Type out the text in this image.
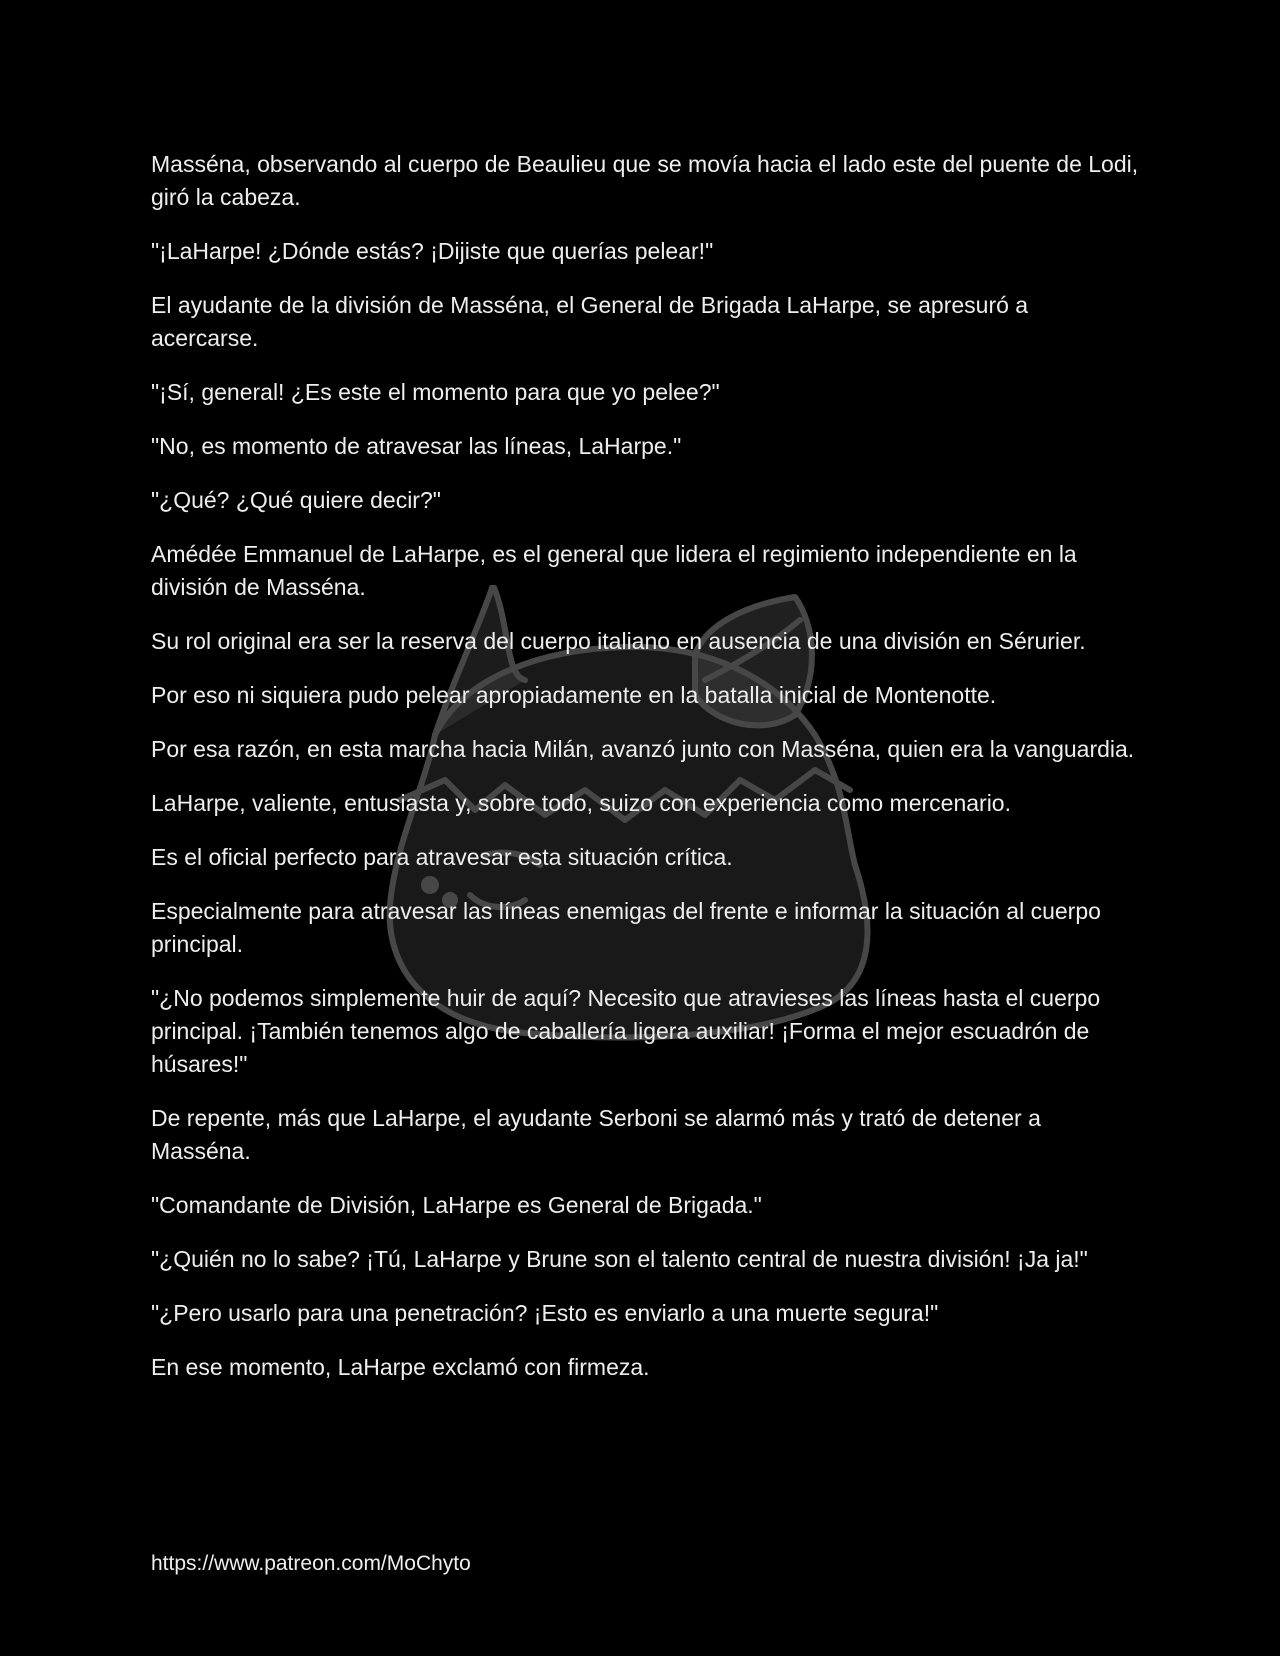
Masséna, observando al cuerpo de Beaulieu que se movía hacia el lado este del puente de Lodi, giró la cabeza.

"¡LaHarpe! ¿Dónde estás? ¡Dijiste que querías pelear!"

El ayudante de la división de Masséna, el General de Brigada LaHarpe, se apresuró a acercarse.

"¡Sí, general! ¿Es este el momento para que yo pelee?"

"No, es momento de atravesar las líneas, LaHarpe."

"¿Qué? ¿Qué quiere decir?"

Amédée Emmanuel de LaHarpe, es el general que lidera el regimiento independiente en la división de Masséna.

Su rol original era ser la reserva del cuerpo italiano en ausencia de una división en Sérurier.

Por eso ni siquiera pudo pelear apropiadamente en la batalla inicial de Montenotte.

Por esa razón, en esta marcha hacia Milán, avanzó junto con Masséna, quien era la vanguardia.

LaHarpe, valiente, entusiasta y, sobre todo, suizo con experiencia como mercenario.

Es el oficial perfecto para atravesar esta situación crítica.

Especialmente para atravesar las líneas enemigas del frente e informar la situación al cuerpo principal.

"¿No podemos simplemente huir de aquí? Necesito que atravieses las líneas hasta el cuerpo principal. ¡También tenemos algo de caballería ligera auxiliar! ¡Forma el mejor escuadrón de húsares!"

De repente, más que LaHarpe, el ayudante Serboni se alarmó más y trató de detener a Masséna.

"Comandante de División, LaHarpe es General de Brigada."

"¿Quién no lo sabe? ¡Tú, LaHarpe y Brune son el talento central de nuestra división! ¡Ja ja!"

"¿Pero usarlo para una penetración? ¡Esto es enviarlo a una muerte segura!"

En ese momento, LaHarpe exclamó con firmeza.

https://www.patreon.com/MoChyto
